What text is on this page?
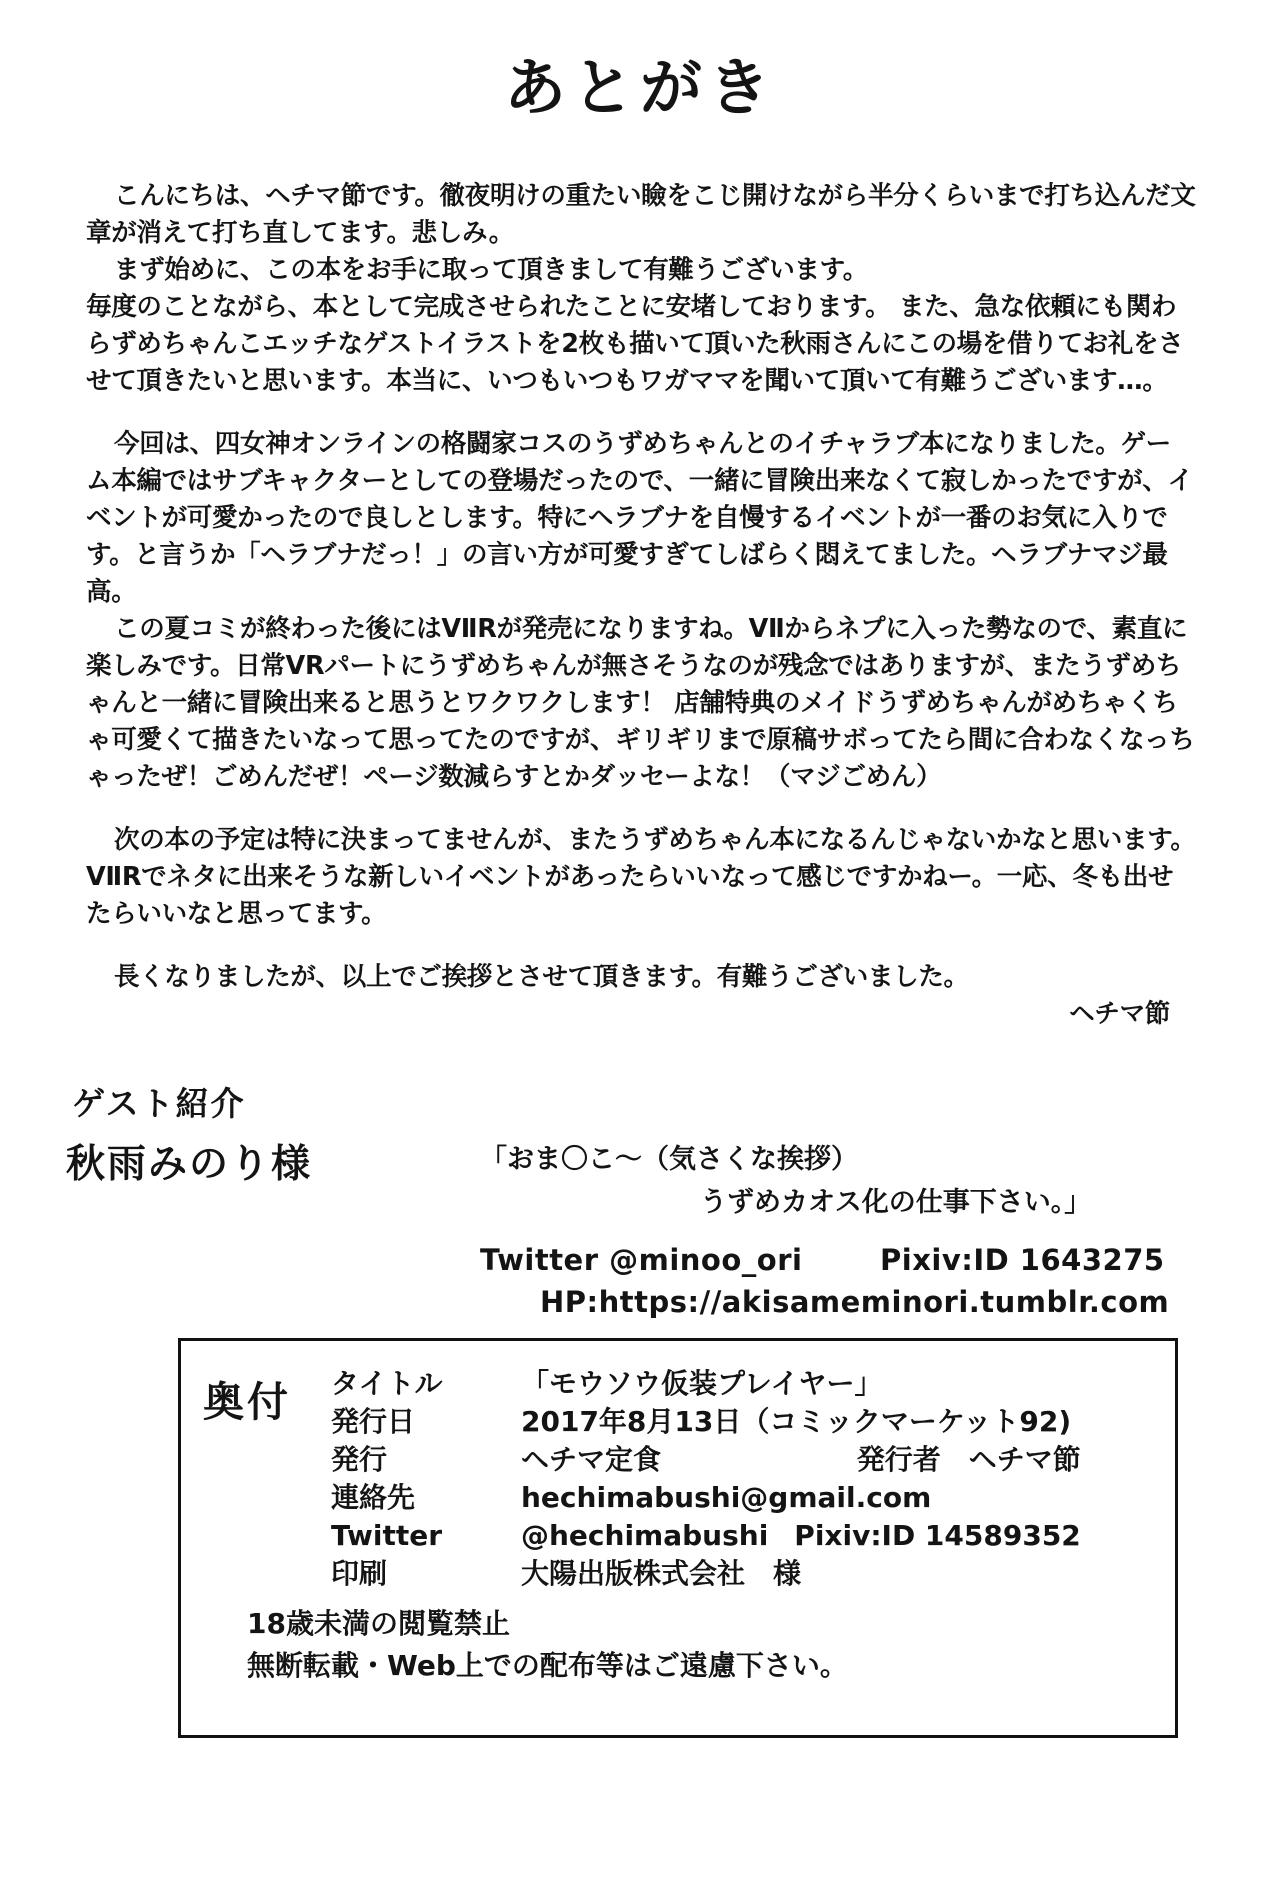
あとがき

こんにちは、ヘチマ節です。徹夜明けの重たい瞼をこじ開けながら半分くらいまで打ち込んだ文章が消えて打ち直してます。悲しみ。

まず始めに、この本をお手に取って頂きまして有難うございます。

毎度のことながら、本として完成させられたことに安堵しております。 また、急な依頼にも関わらずめちゃんこエッチなゲストイラストを2枚も描いて頂いた秋雨さんにこの場を借りてお礼をさせて頂きたいと思います。本当に、いつもいつもワガママを聞いて頂いて有難うございます…。

今回は、四女神オンラインの格闘家コスのうずめちゃんとのイチャラブ本になりました。ゲーム本編ではサブキャクターとしての登場だったので、一緒に冒険出来なくて寂しかったですが、イベントが可愛かったので良しとします。特にヘラブナを自慢するイベントが一番のお気に入りです。と言うか「ヘラブナだっ！」の言い方が可愛すぎてしばらく悶えてました。ヘラブナマジ最高。

この夏コミが終わった後にはⅤⅡRが発売になりますね。ⅤⅡからネプに入った勢なので、素直に楽しみです。日常VRパートにうずめちゃんが無さそうなのが残念ではありますが、またうずめちゃんと一緒に冒険出来ると思うとワクワクします！ 店舗特典のメイドうずめちゃんがめちゃくちゃ可愛くて描きたいなって思ってたのですが、ギリギリまで原稿サボってたら間に合わなくなっちゃったぜ！ごめんだぜ！ページ数減らすとかダッセーよな！（マジごめん）

次の本の予定は特に決まってませんが、またうずめちゃん本になるんじゃないかなと思います。ⅤⅡRでネタに出来そうな新しいイベントがあったらいいなって感じですかねー。一応、冬も出せたらいいなと思ってます。

長くなりましたが、以上でご挨拶とさせて頂きます。有難うございました。

ヘチマ節

ゲスト紹介
秋雨みのり様	「おま〇こ〜（気さくな挨拶）
うずめカオス化の仕事下さい。」
Twitter @minoo_ori	Pixiv:ID 1643275
HP:https://akisameminori.tumblr.com
奥付 タイトル	「モウソウ仮装プレイヤー」
発行日	2017年8月13日（コミックマーケット92)
発行	ヘチマ定食	発行者　ヘチマ節
連絡先	hechimabushi@gmail.com
Twitter	@hechimabushi Pixiv:ID 14589352
印刷	大陽出版株式会社　様
18歳未満の閲覧禁止
無断転載・Web上での配布等はご遠慮下さい。
